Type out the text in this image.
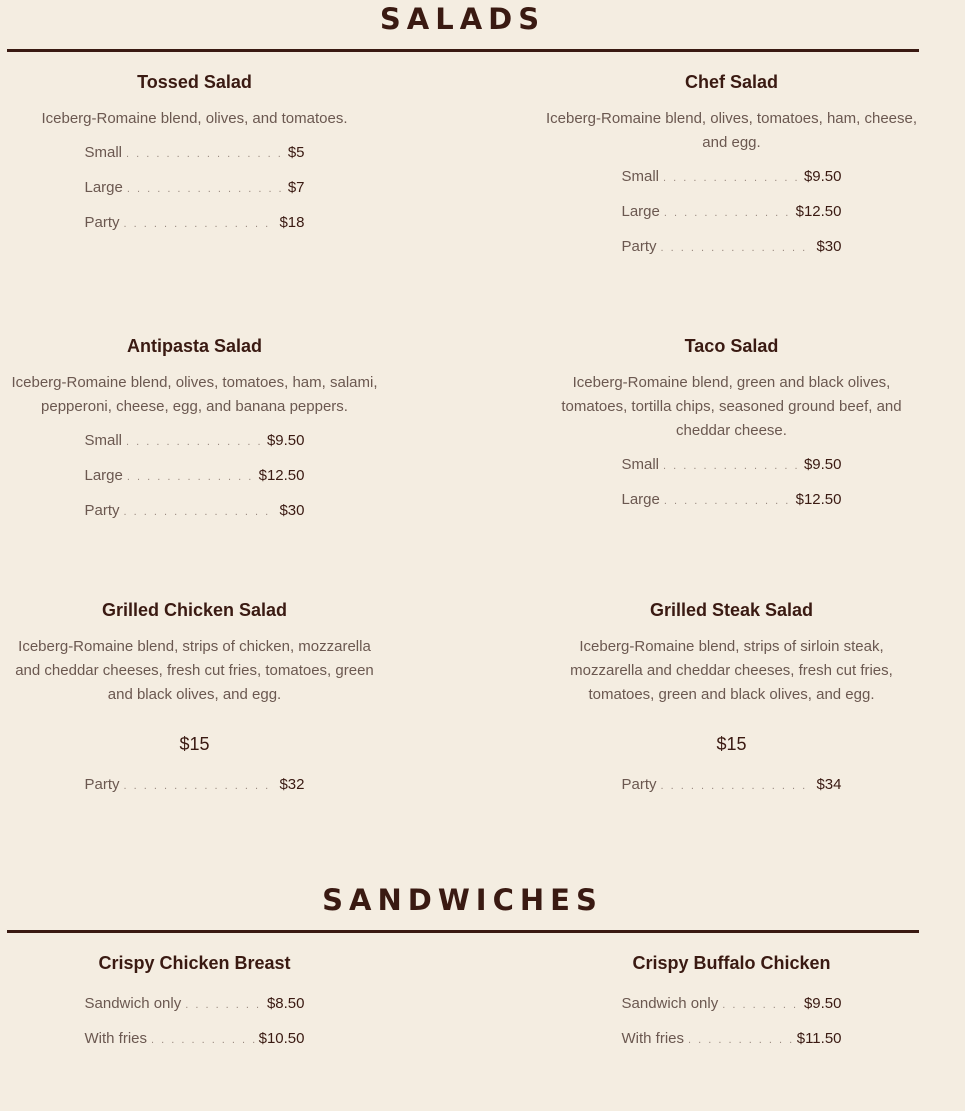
SALADS
Tossed Salad

Iceberg-Romaine blend, olives, and tomatoes.

Small . . .	$5
Large . . .	$7
Party . . .	$18
Chef Salad

Iceberg-Romaine blend, olives, tomatoes, ham, cheese, and egg.

Small . . .	$9.50
Large . . .	$12.50
Party . . .	$30
Antipasta Salad

Iceberg-Romaine blend, olives, tomatoes, ham, salami, pepperoni, cheese, egg, and banana peppers.

Small . . .	$9.50
Large . . .	$12.50
Party . . .	$30
Taco Salad

Iceberg-Romaine blend, green and black olives, tomatoes, tortilla chips, seasoned ground beef, and cheddar cheese.

Small . . .	$9.50
Large . . .	$12.50
Grilled Chicken Salad

Iceberg-Romaine blend, strips of chicken, mozzarella and cheddar cheeses, fresh cut fries, tomatoes, green and black olives, and egg.

$15
Party . . .	$32
Grilled Steak Salad

Iceberg-Romaine blend, strips of sirloin steak, mozzarella and cheddar cheeses, fresh cut fries, tomatoes, green and black olives, and egg.

$15
Party . . .	$34
SANDWICHES
Crispy Chicken Breast
Sandwich only . . .	$8.50
With fries . . .	$10.50
Crispy Buffalo Chicken
Sandwich only . . .	$9.50
With fries . . .	$11.50
